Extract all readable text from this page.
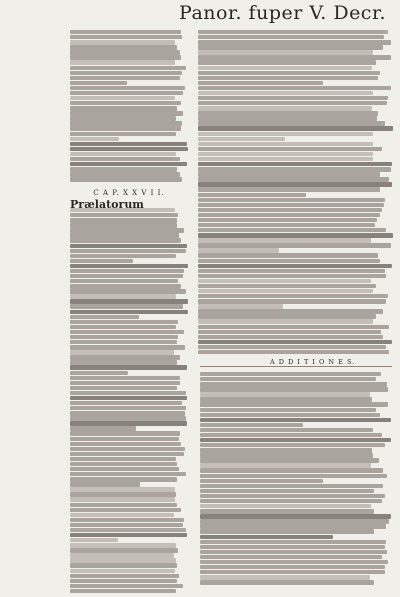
Panor. fuper V. Decr.
C A P. X X V I I.
Prælatorum
A D D I T I O N E S.
